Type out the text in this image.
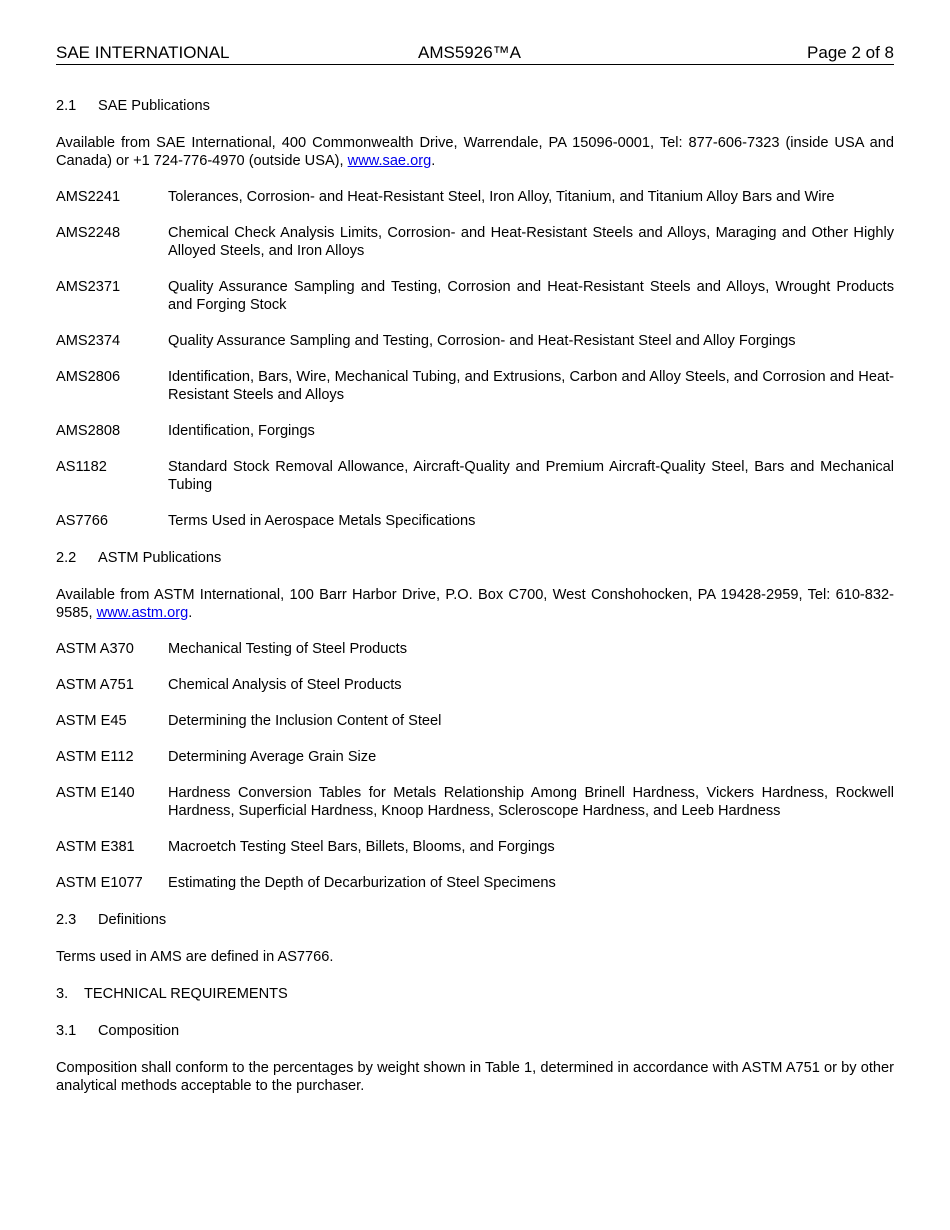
SAE INTERNATIONAL	AMS5926™A	Page 2 of 8
2.1 SAE Publications
Available from SAE International, 400 Commonwealth Drive, Warrendale, PA 15096-0001, Tel: 877-606-7323 (inside USA and Canada) or +1 724-776-4970 (outside USA), www.sae.org.
AMS2241	Tolerances, Corrosion- and Heat-Resistant Steel, Iron Alloy, Titanium, and Titanium Alloy Bars and Wire
AMS2248	Chemical Check Analysis Limits, Corrosion- and Heat-Resistant Steels and Alloys, Maraging and Other Highly Alloyed Steels, and Iron Alloys
AMS2371	Quality Assurance Sampling and Testing, Corrosion and Heat-Resistant Steels and Alloys, Wrought Products and Forging Stock
AMS2374	Quality Assurance Sampling and Testing, Corrosion- and Heat-Resistant Steel and Alloy Forgings
AMS2806	Identification, Bars, Wire, Mechanical Tubing, and Extrusions, Carbon and Alloy Steels, and Corrosion and Heat-Resistant Steels and Alloys
AMS2808	Identification, Forgings
AS1182	Standard Stock Removal Allowance, Aircraft-Quality and Premium Aircraft-Quality Steel, Bars and Mechanical Tubing
AS7766	Terms Used in Aerospace Metals Specifications
2.2 ASTM Publications
Available from ASTM International, 100 Barr Harbor Drive, P.O. Box C700, West Conshohocken, PA 19428-2959, Tel: 610-832-9585, www.astm.org.
ASTM A370	Mechanical Testing of Steel Products
ASTM A751	Chemical Analysis of Steel Products
ASTM E45	Determining the Inclusion Content of Steel
ASTM E112	Determining Average Grain Size
ASTM E140	Hardness Conversion Tables for Metals Relationship Among Brinell Hardness, Vickers Hardness, Rockwell Hardness, Superficial Hardness, Knoop Hardness, Scleroscope Hardness, and Leeb Hardness
ASTM E381	Macroetch Testing Steel Bars, Billets, Blooms, and Forgings
ASTM E1077	Estimating the Depth of Decarburization of Steel Specimens
2.3 Definitions
Terms used in AMS are defined in AS7766.
3. TECHNICAL REQUIREMENTS
3.1 Composition
Composition shall conform to the percentages by weight shown in Table 1, determined in accordance with ASTM A751 or by other analytical methods acceptable to the purchaser.
